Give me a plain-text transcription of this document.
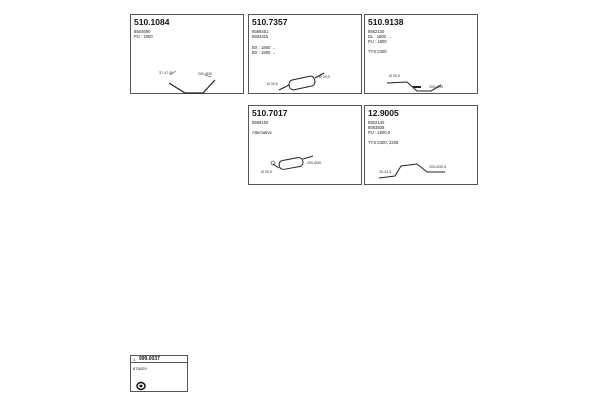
510.1084
8564690
PU : 1800
37-47,50	200-Ø39
510.7357
6598451
6592315
BX : 1800 →
BX : 1800 →
Ø 39,5
Ø 39,5
510.9138
8562130
DL : 1800 →
PU : 1800
TYS 2300
Ø 39,5
200-Ø39
510.7017
6598150
Alternative
Ø 39,5
200-Ø39
12.9005
8562130
8593508
PU : 1800,0
TYS 2300, 2305
30-43,5
200-Ø39,5
1 999.0037
8750Z9
